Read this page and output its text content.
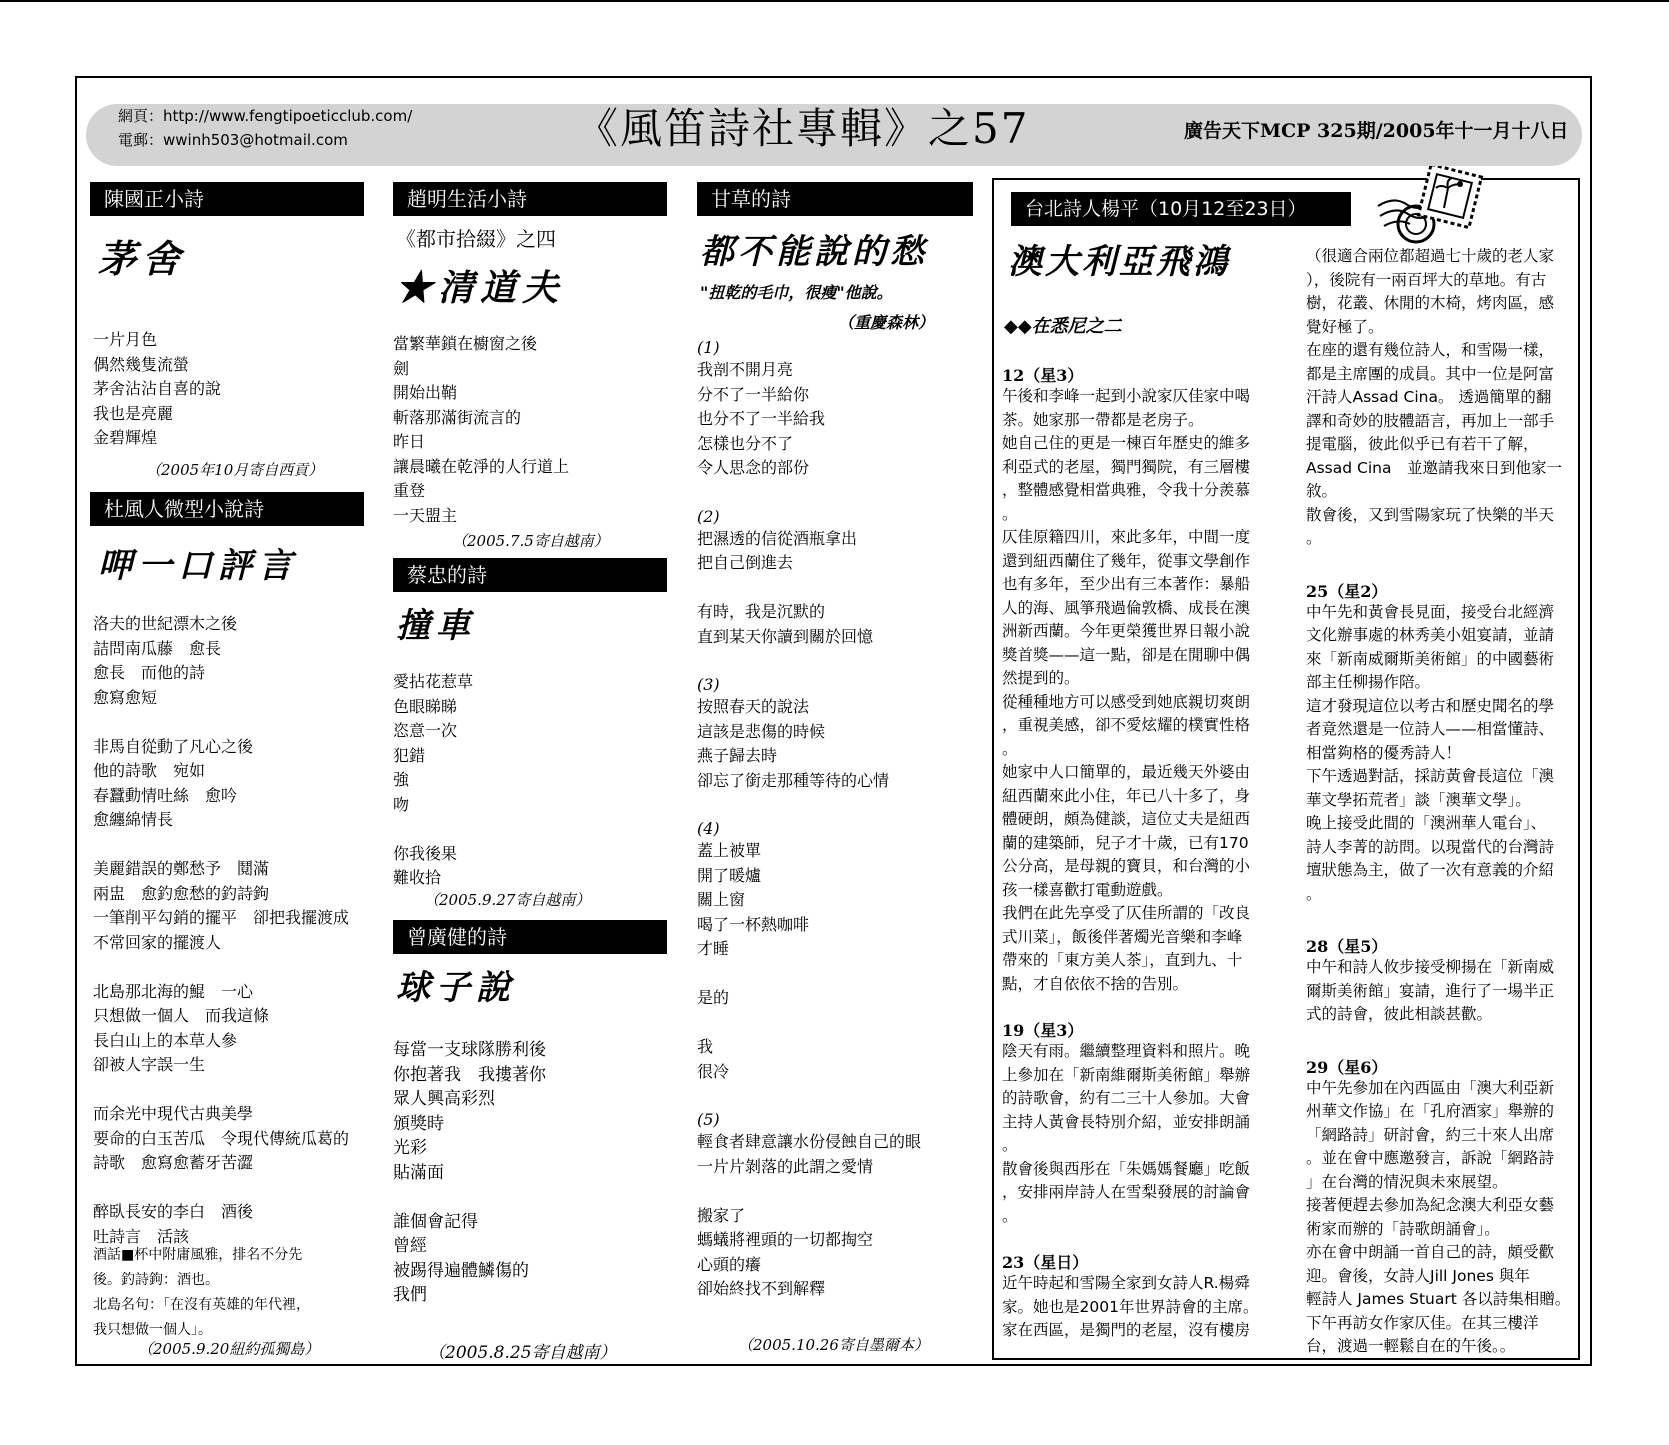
網頁：http://www.fengtipoeticclub.com/
電郵：wwinh503@hotmail.com	《風笛詩社專輯》之57	廣告天下MCP 325期/2005年十一月十八日
陳國正小詩
茅舍
一片月色
偶然幾隻流螢
茅舍沾沾自喜的說
我也是亮麗
金碧輝煌
（2005年10月寄自西貢）
杜風人微型小說詩
呷一口評言
洛夫的世紀漂木之後
詰問南瓜藤　愈長
愈長　而他的詩
愈寫愈短
非馬自從動了凡心之後
他的詩歌　宛如
春蠶動情吐絲　愈吟
愈纏綿情長
美麗錯誤的鄭愁予　鬩滿
兩盅　愈釣愈愁的釣詩鉤
一筆削平勾銷的擺平　卻把我擺渡成
不常回家的擺渡人
北島那北海的鯤　一心
只想做一個人　而我這條
長白山上的本草人參
卻被人字誤一生
而余光中現代古典美學
要命的白玉苦瓜　令現代傳統瓜葛的
詩歌　愈寫愈蓄牙苦澀
醉臥長安的李白　酒後
吐詩言　活該
酒話■杯中附庸風雅，排名不分先
後。釣詩鉤：酒也。
北島名句：「在沒有英雄的年代裡，
我只想做一個人」。
（2005.9.20紐約孤獨島）
趙明生活小詩
《都市拾綴》之四
★清道夫
當繁華鎖在櫥窗之後
劍
開始出鞘
斬落那滿街流言的
昨日
讓晨曦在乾淨的人行道上
重登
一天盟主
（2005.7.5寄自越南）
蔡忠的詩
撞車
愛拈花惹草
色眼睇睇
恣意一次
犯錯
強
吻
你我後果
難收拾
（2005.9.27寄自越南）
曾廣健的詩
球子說
每當一支球隊勝利後
你抱著我　我摟著你
眾人興高彩烈
頒獎時
光彩
貼滿面
誰個會記得
曾經
被踢得遍體鱗傷的
我們
（2005.8.25寄自越南）
甘草的詩
都不能說的愁
"扭乾的毛巾，很瘦"他說。
（重慶森林）
(1)
我剖不開月亮
分不了一半給你
也分不了一半給我
怎樣也分不了
令人思念的部份
(2)
把濕透的信從酒瓶拿出
把自己倒進去
有時，我是沉默的
直到某天你讀到關於回憶
(3)
按照春天的說法
這該是悲傷的時候
燕子歸去時
卻忘了銜走那種等待的心情
(4)
蓋上被單
開了暖爐
關上窗
喝了一杯熱咖啡
才睡
是的
我
很冷
(5)
輕食者肆意讓水份侵蝕自己的眼
一片片剝落的此謂之愛情
搬家了
螞蟻將裡頭的一切都掏空
心頭的癢
卻始終找不到解釋
（2005.10.26寄自墨爾本）
台北詩人楊平（10月12至23日）
澳大利亞飛鴻
◆◆在悉尼之二
12（星3）
午後和李峰一起到小說家仄佳家中喝
茶。她家那一帶都是老房子。
她自己住的更是一棟百年歷史的維多
利亞式的老屋，獨門獨院，有三層樓
，整體感覺相當典雅，令我十分羨慕
。
仄佳原籍四川，來此多年，中間一度
還到紐西蘭住了幾年，從事文學創作
也有多年，至少出有三本著作：暴船
人的海、風箏飛過倫敦橋、成長在澳
洲新西蘭。今年更榮獲世界日報小說
獎首獎——這一點，卻是在閒聊中偶
然提到的。
從種種地方可以感受到她底親切爽朗
，重視美感，卻不愛炫耀的樸實性格
。
她家中人口簡單的，最近幾天外婆由
紐西蘭來此小住，年已八十多了，身
體硬朗，頗為健談，這位丈夫是紐西
蘭的建築師，兒子才十歲，已有170
公分高，是母親的寶貝，和台灣的小
孩一樣喜歡打電動遊戲。
我們在此先享受了仄佳所謂的「改良
式川菜」，飯後伴著燭光音樂和李峰
帶來的「東方美人茶」，直到九、十
點，才自依依不捨的告別。
19（星3）
陰天有雨。繼續整理資料和照片。晚
上參加在「新南維爾斯美術館」舉辦
的詩歌會，約有二三十人參加。大會
主持人黃會長特別介紹，並安排朗誦
。
散會後與西彤在「朱媽媽餐廳」吃飯
，安排兩岸詩人在雪梨發展的討論會
。
23（星日）
近午時起和雪陽全家到女詩人R.楊舜
家。她也是2001年世界詩會的主席。
家在西區，是獨門的老屋，沒有樓房
（很適合兩位都超過七十歲的老人家
），後院有一兩百坪大的草地。有古
樹，花叢、休閒的木椅，烤肉區，感
覺好極了。
在座的還有幾位詩人，和雪陽一樣，
都是主席團的成員。其中一位是阿富
汗詩人Assad Cina。 透過簡單的翻
譯和奇妙的肢體語言，再加上一部手
提電腦，彼此似乎已有若干了解，
Assad Cina　並邀請我來日到他家一
敘。
散會後，又到雪陽家玩了快樂的半天
。
25（星2）
中午先和黃會長見面，接受台北經濟
文化辦事處的林秀美小姐宴請，並請
來「新南威爾斯美術館」的中國藝術
部主任柳揚作陪。
這才發現這位以考古和歷史聞名的學
者竟然還是一位詩人——相當懂詩、
相當夠格的優秀詩人！
下午透過對話，採訪黃會長這位「澳
華文學拓荒者」談「澳華文學」。
晚上接受此間的「澳洲華人電台」、
詩人李菁的訪問。以現當代的台灣詩
壇狀態為主，做了一次有意義的介紹
。
28（星5）
中午和詩人攸步接受柳揚在「新南威
爾斯美術館」宴請，進行了一場半正
式的詩會，彼此相談甚歡。
29（星6）
中午先參加在內西區由「澳大利亞新
州華文作協」在「孔府酒家」舉辦的
「網路詩」研討會，約三十來人出席
。並在會中應邀發言，訴說「網路詩
」在台灣的情況與未來展望。
接著便趕去參加為紀念澳大利亞女藝
術家而辦的「詩歌朗誦會」。
亦在會中朗誦一首自己的詩，頗受歡
迎。會後，女詩人Jill Jones 與年
輕詩人 James Stuart 各以詩集相贈。
下午再訪女作家仄佳。在其三樓洋
台，渡過一輕鬆自在的午後。。
